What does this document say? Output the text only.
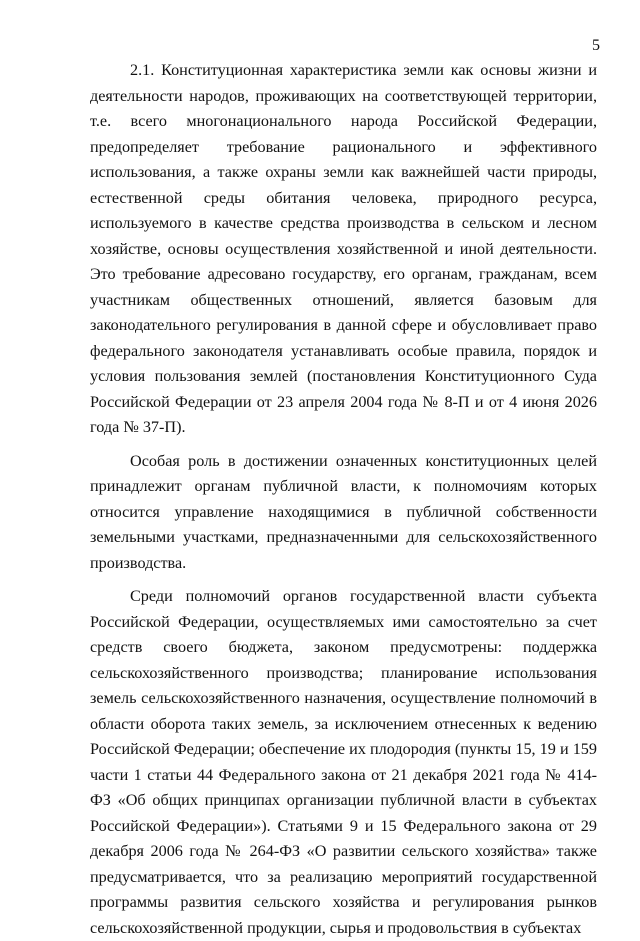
5

2.1. Конституционная характеристика земли как основы жизни и деятельности народов, проживающих на соответствующей территории, т.е. всего многонационального народа Российской Федерации, предопределяет требование рационального и эффективного использования, а также охраны земли как важнейшей части природы, естественной среды обитания человека, природного ресурса, используемого в качестве средства производства в сельском и лесном хозяйстве, основы осуществления хозяйственной и иной деятельности. Это требование адресовано государству, его органам, гражданам, всем участникам общественных отношений, является базовым для законодательного регулирования в данной сфере и обусловливает право федерального законодателя устанавливать особые правила, порядок и условия пользования землей (постановления Конституционного Суда Российской Федерации от 23 апреля 2004 года № 8-П и от 4 июня 2026 года № 37-П).

Особая роль в достижении означенных конституционных целей принадлежит органам публичной власти, к полномочиям которых относится управление находящимися в публичной собственности земельными участками, предназначенными для сельскохозяйственного производства.

Среди полномочий органов государственной власти субъекта Российской Федерации, осуществляемых ими самостоятельно за счет средств своего бюджета, законом предусмотрены: поддержка сельскохозяйственного производства; планирование использования земель сельскохозяйственного назначения, осуществление полномочий в области оборота таких земель, за исключением отнесенных к ведению Российской Федерации; обеспечение их плодородия (пункты 15, 19 и 159 части 1 статьи 44 Федерального закона от 21 декабря 2021 года № 414-ФЗ «Об общих принципах организации публичной власти в субъектах Российской Федерации»). Статьями 9 и 15 Федерального закона от 29 декабря 2006 года № 264-ФЗ «О развитии сельского хозяйства» также предусматривается, что за реализацию мероприятий государственной программы развития сельского хозяйства и регулирования рынков сельскохозяйственной продукции, сырья и продовольствия в субъектах
